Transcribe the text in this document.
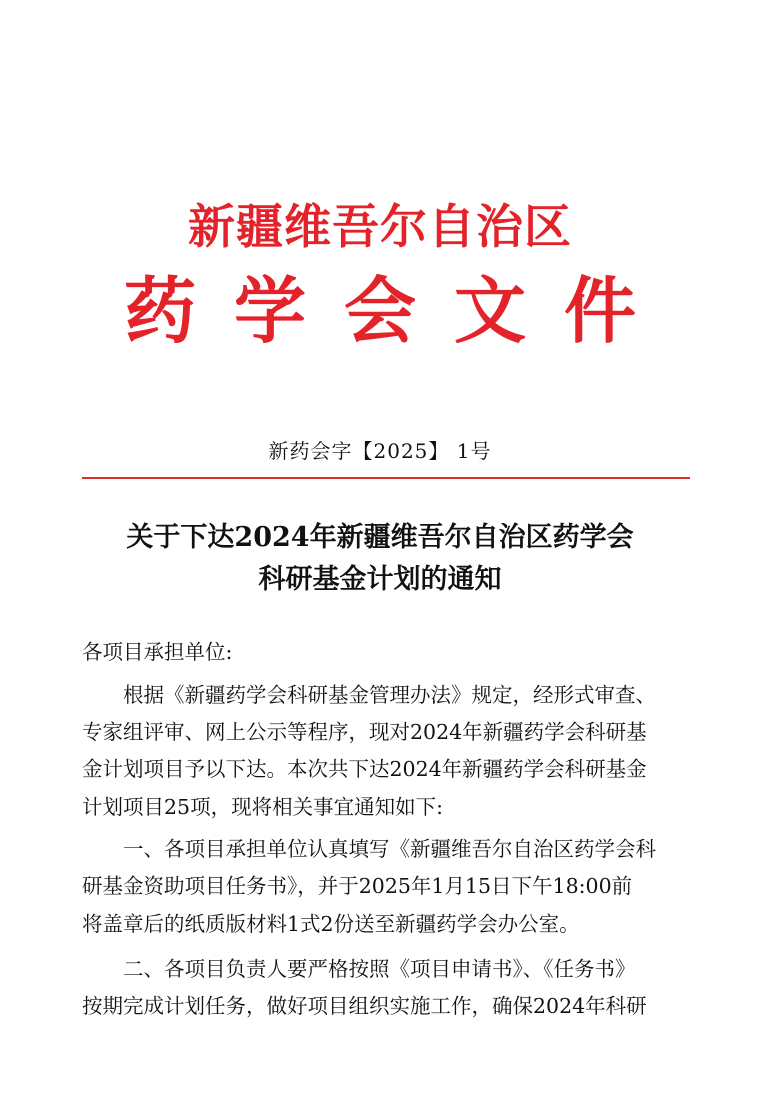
新疆维吾尔自治区
药学会文件
新药会字【2025】 1号
关于下达2024年新疆维吾尔自治区药学会
科研基金计划的通知
各项目承担单位:
　　根据《新疆药学会科研基金管理办法》规定，经形式审查、
专家组评审、网上公示等程序，现对2024年新疆药学会科研基
金计划项目予以下达。本次共下达2024年新疆药学会科研基金
计划项目25项，现将相关事宜通知如下:
　　一、各项目承担单位认真填写《新疆维吾尔自治区药学会科
研基金资助项目任务书》，并于2025年1月15日下午18:00前
将盖章后的纸质版材料1式2份送至新疆药学会办公室。
　　二、各项目负责人要严格按照《项目申请书》、《任务书》
按期完成计划任务，做好项目组织实施工作，确保2024年科研
